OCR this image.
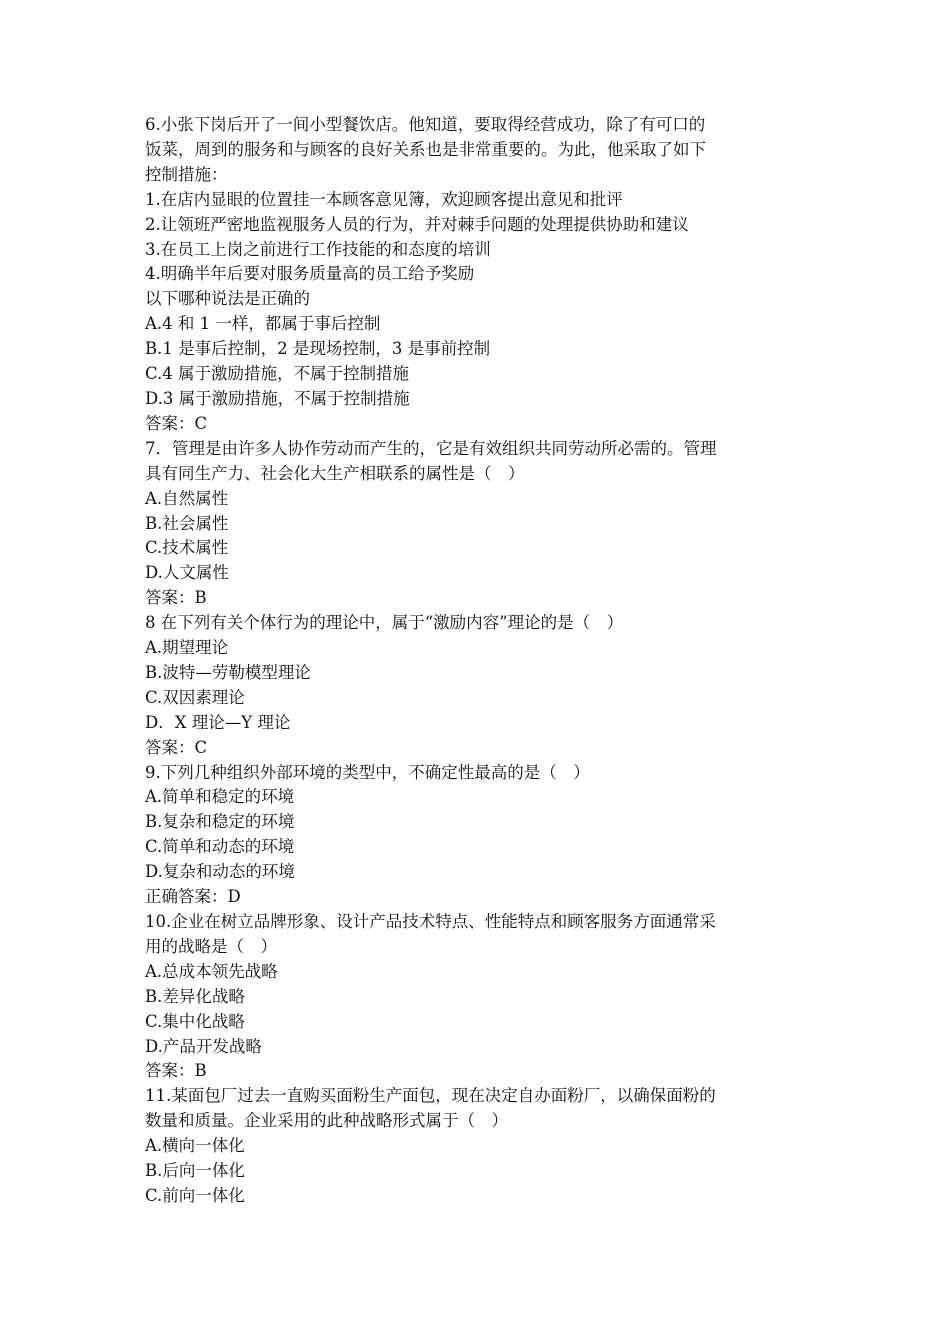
6.小张下岗后开了一间小型餐饮店。他知道，要取得经营成功，除了有可口的
饭菜，周到的服务和与顾客的良好关系也是非常重要的。为此，他采取了如下
控制措施：
1.在店内显眼的位置挂一本顾客意见簿，欢迎顾客提出意见和批评
2.让领班严密地监视服务人员的行为，并对棘手问题的处理提供协助和建议
3.在员工上岗之前进行工作技能的和态度的培训
4.明确半年后要对服务质量高的员工给予奖励
以下哪种说法是正确的
A.4 和 1 一样，都属于事后控制
B.1 是事后控制，2 是现场控制，3 是事前控制
C.4 属于激励措施，不属于控制措施
D.3 属于激励措施，不属于控制措施
答案：C
7．管理是由许多人协作劳动而产生的，它是有效组织共同劳动所必需的。管理
具有同生产力、社会化大生产相联系的属性是（　）
A.自然属性
B.社会属性
C.技术属性
D.人文属性
答案：B
8 在下列有关个体行为的理论中，属于“激励内容”理论的是（　）
A.期望理论
B.波特—劳勒模型理论
C.双因素理论
D．X 理论—Y 理论
答案：C
9.下列几种组织外部环境的类型中，不确定性最高的是（　）
A.简单和稳定的环境
B.复杂和稳定的环境
C.简单和动态的环境
D.复杂和动态的环境
正确答案：D
10.企业在树立品牌形象、设计产品技术特点、性能特点和顾客服务方面通常采
用的战略是（　）
A.总成本领先战略
B.差异化战略
C.集中化战略
D.产品开发战略
答案：B
11.某面包厂过去一直购买面粉生产面包，现在决定自办面粉厂，以确保面粉的
数量和质量。企业采用的此种战略形式属于（　）
A.横向一体化
B.后向一体化
C.前向一体化
